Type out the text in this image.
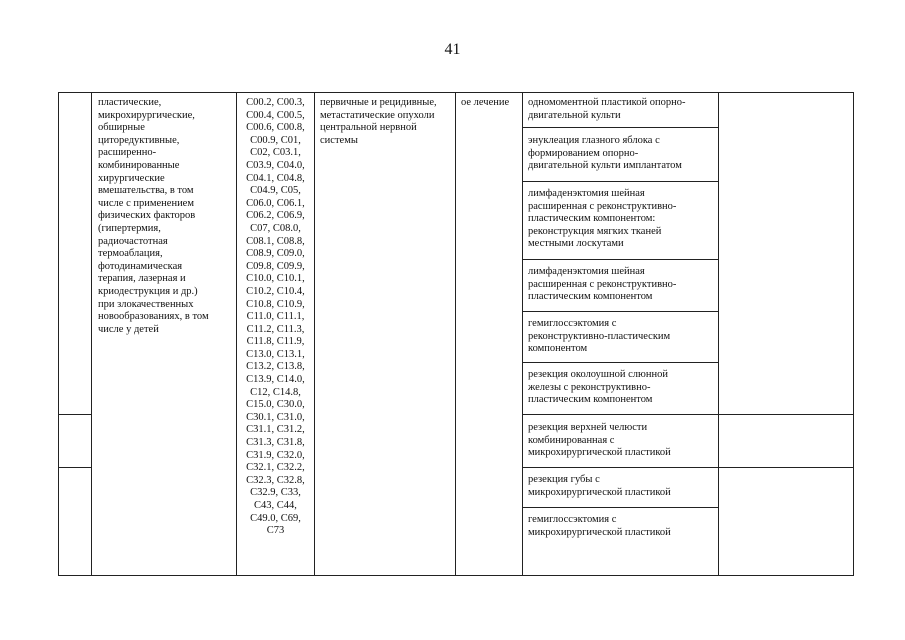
41
пластические,
микрохирургические,
обширные
циторедуктивные,
расширенно-
комбинированные
хирургические
вмешательства, в том
числе с применением
физических факторов
(гипертермия,
радиочастотная
термоаблация,
фотодинамическая
терапия, лазерная и
криодеструкция и др.)
при злокачественных
новообразованиях, в том
числе у детей
C00.2, C00.3,
C00.4, C00.5,
C00.6, C00.8,
C00.9, C01,
C02, C03.1,
C03.9, C04.0,
C04.1, C04.8,
C04.9, C05,
C06.0, C06.1,
C06.2, C06.9,
C07, C08.0,
C08.1, C08.8,
C08.9, C09.0,
C09.8, C09.9,
C10.0, C10.1,
C10.2, C10.4,
C10.8, C10.9,
C11.0, C11.1,
C11.2, C11.3,
C11.8, C11.9,
C13.0, C13.1,
C13.2, C13.8,
C13.9, C14.0,
C12, C14.8,
C15.0, C30.0,
C30.1, C31.0,
C31.1, C31.2,
C31.3, C31.8,
C31.9, C32.0,
C32.1, C32.2,
C32.3, C32.8,
C32.9, C33,
C43, C44,
C49.0, C69,
C73
первичные и рецидивные,
метастатические опухоли
центральной нервной
системы
ое лечение	одномоментной пластикой опорно-
двигательной культи
энуклеация глазного яблока с
формированием опорно-
двигательной культи имплантатом
лимфаденэктомия шейная
расширенная с реконструктивно-
пластическим компонентом:
реконструкция мягких тканей
местными лоскутами
лимфаденэктомия шейная
расширенная с реконструктивно-
пластическим компонентом
гемиглоссэктомия с
реконструктивно-пластическим
компонентом
резекция околоушной слюнной
железы с реконструктивно-
пластическим компонентом
резекция верхней челюсти
комбинированная с
микрохирургической пластикой
резекция губы с
микрохирургической пластикой
гемиглоссэктомия с
микрохирургической пластикой
